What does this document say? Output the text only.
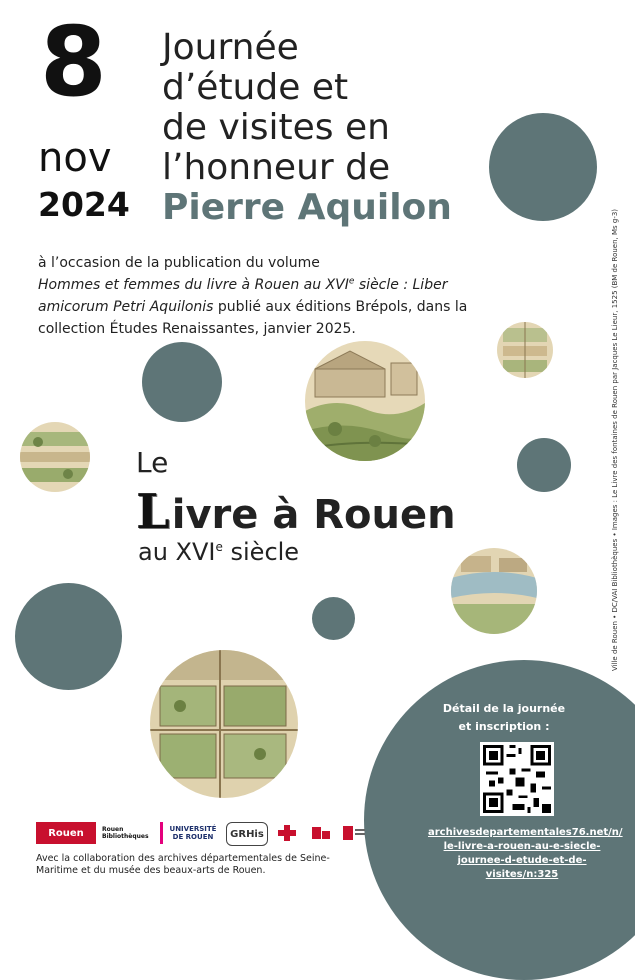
8
nov
2024
Journée
d’étude et
de visites en
l’honneur de
Pierre Aquilon
à l’occasion de la publication du volume
Hommes et femmes du livre à Rouen au XVIe siècle : Liber amicorum Petri Aquilonis publié aux éditions Brépols, dans la collection Études Renaissantes, janvier 2025.	Ville de Rouen • DC/VAI Bibliothèques • Images : Le Livre des fontaines de Rouen par Jacques Le Lieur, 1525 (BM de Rouen, Ms g-3)
Le
Livre à Rouen
au XVIe siècle
Détail de la journée
et inscription :
archivesdepartementales76.net/n/
le-livre-a-rouen-au-e-siecle-
journee-d-etude-et-de-visites/n:325
Rouen	Rouen Bibliothèques
UNIVERSITÉ
DE ROUEN GRHis
Avec la collaboration des archives départementales de Seine-Maritime et du musée des beaux-arts de Rouen.
